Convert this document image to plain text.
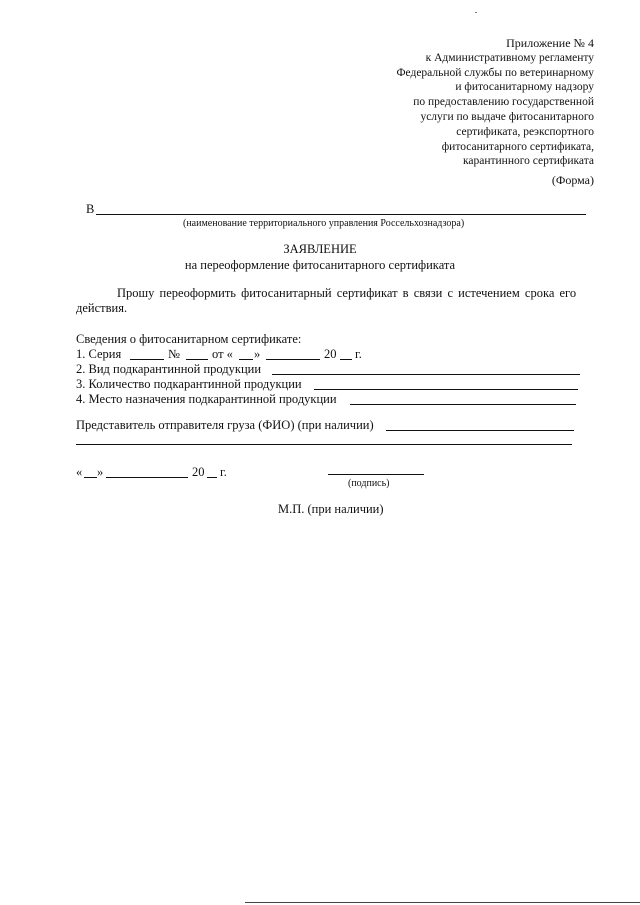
Приложение № 4
к Административному регламенту
Федеральной службы по ветеринарному
и фитосанитарному надзору
по предоставлению государственной
услуги по выдаче фитосанитарного
сертификата, реэкспортного
фитосанитарного сертификата,
карантинного сертификата
(Форма)
В
(наименование территориального управления Россельхознадзора)
ЗАЯВЛЕНИЕ
на переоформление фитосанитарного сертификата
Прошу переоформить фитосанитарный сертификат в связи с истечением срока его
действия.
Сведения о фитосанитарном сертификате:
1. Серия	№	от « »	20 г.
2. Вид подкарантинной продукции
3. Количество подкарантинной продукции
4. Место назначения подкарантинной продукции
Представитель отправителя груза (ФИО) (при наличии)
« »	20 г.
(подпись)
М.П. (при наличии)
